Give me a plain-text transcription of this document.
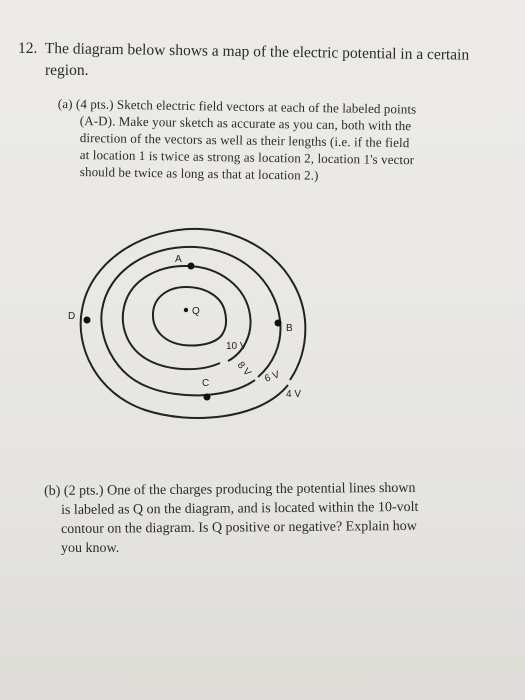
12. The diagram below shows a map of the electric potential in a certain
region.
(a) (4 pts.) Sketch electric field vectors at each of the labeled points
(A-D). Make your sketch as accurate as you can, both with the
direction of the vectors as well as their lengths (i.e. if the field
at location 1 is twice as strong as location 2, location 1's vector
should be twice as long as that at location 2.)
A
B
C
D	Q
10 V
8 V 6 V
4 V
(b) (2 pts.) One of the charges producing the potential lines shown
is labeled as Q on the diagram, and is located within the 10-volt
contour on the diagram. Is Q positive or negative? Explain how
you know.
